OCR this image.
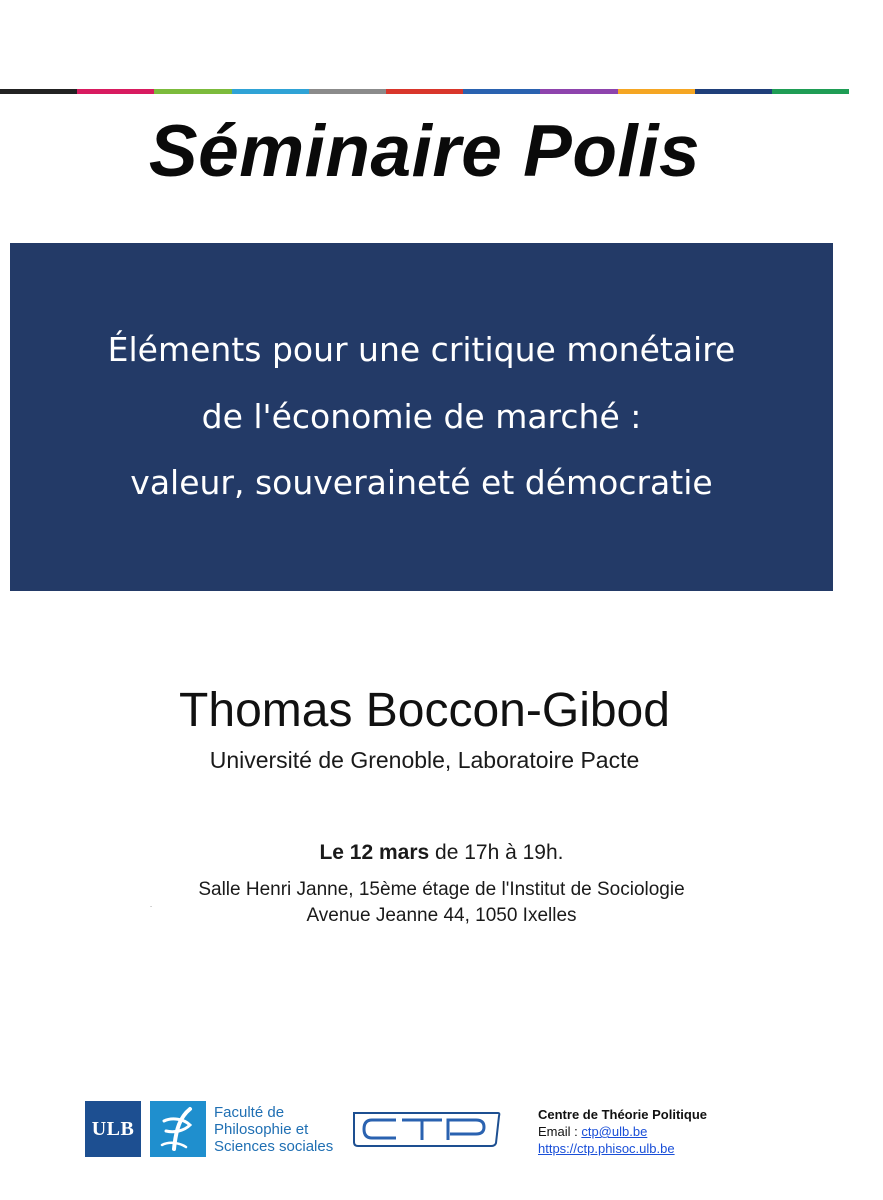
Séminaire Polis
Éléments pour une critique monétaire
de l'économie de marché :
valeur, souveraineté et démocratie
Thomas Boccon-Gibod
Université de Grenoble, Laboratoire Pacte
Le 12 mars de 17h à 19h.
Salle Henri Janne, 15ème étage de l'Institut de Sociologie
Avenue Jeanne 44, 1050 Ixelles
ULB
Faculté de
Philosophie et
Sciences sociales
CTP
Centre de Théorie Politique
Email : ctp@ulb.be
https://ctp.phisoc.ulb.be
